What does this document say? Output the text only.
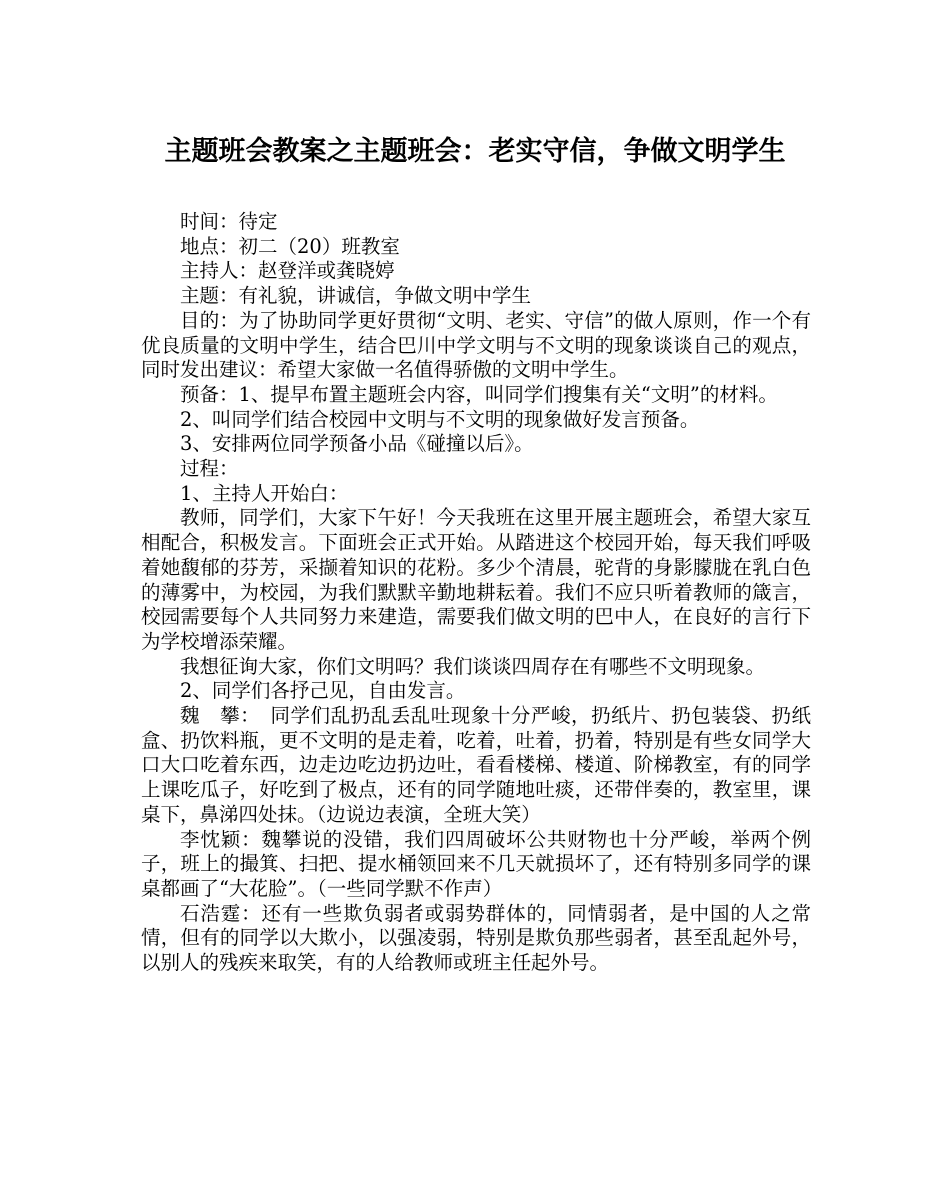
主题班会教案之主题班会：老实守信，争做文明学生

时间：待定

地点：初二（20）班教室

主持人：赵登洋或龚晓婷

主题：有礼貌，讲诚信，争做文明中学生

目的：为了协助同学更好贯彻“文明、老实、守信”的做人原则，作一个有优良质量的文明中学生，结合巴川中学文明与不文明的现象谈谈自己的观点，同时发出建议：希望大家做一名值得骄傲的文明中学生。

预备：1、提早布置主题班会内容，叫同学们搜集有关“文明”的材料。

2、叫同学们结合校园中文明与不文明的现象做好发言预备。

3、安排两位同学预备小品《碰撞以后》。

过程：

1、主持人开始白：

教师，同学们，大家下午好！今天我班在这里开展主题班会，希望大家互相配合，积极发言。下面班会正式开始。从踏进这个校园开始，每天我们呼吸着她馥郁的芬芳，采撷着知识的花粉。多少个清晨，驼背的身影朦胧在乳白色的薄雾中，为校园，为我们默默辛勤地耕耘着。我们不应只听着教师的箴言，校园需要每个人共同努力来建造，需要我们做文明的巴中人，在良好的言行下为学校增添荣耀。

我想征询大家，你们文明吗？我们谈谈四周存在有哪些不文明现象。

2、同学们各抒己见，自由发言。

魏　攀：　同学们乱扔乱丢乱吐现象十分严峻，扔纸片、扔包装袋、扔纸盒、扔饮料瓶，更不文明的是走着，吃着，吐着，扔着，特别是有些女同学大口大口吃着东西，边走边吃边扔边吐，看看楼梯、楼道、阶梯教室，有的同学上课吃瓜子，好吃到了极点，还有的同学随地吐痰，还带伴奏的，教室里，课桌下，鼻涕四处抹。（边说边表演，全班大笑）

李忱颖：魏攀说的没错，我们四周破坏公共财物也十分严峻，举两个例子，班上的撮箕、扫把、提水桶领回来不几天就损坏了，还有特别多同学的课桌都画了“大花脸”。（一些同学默不作声）

石浩霆：还有一些欺负弱者或弱势群体的，同情弱者，是中国的人之常情，但有的同学以大欺小，以强凌弱，特别是欺负那些弱者，甚至乱起外号，以别人的残疾来取笑，有的人给教师或班主任起外号。
